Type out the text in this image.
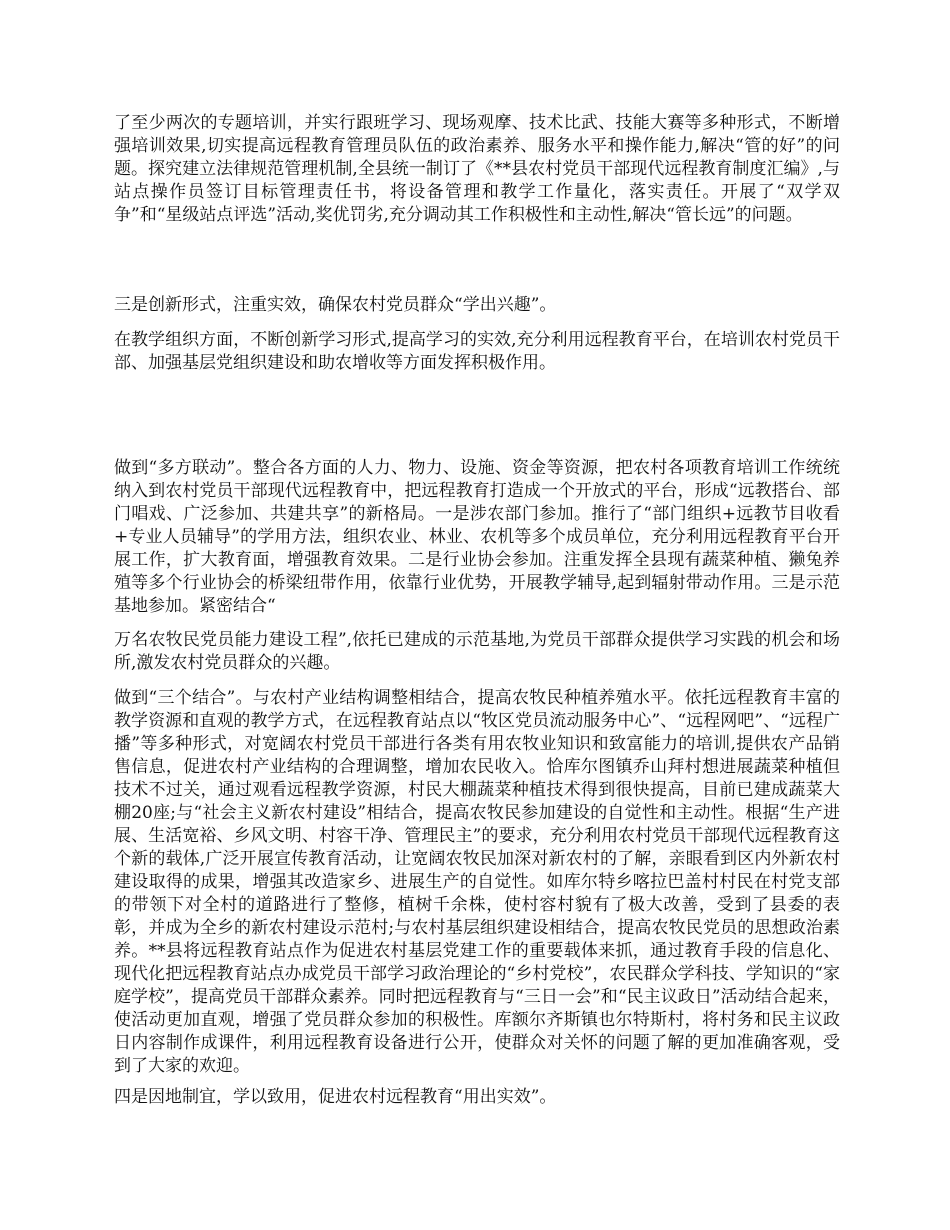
了至少两次的专题培训，并实行跟班学习、现场观摩、技术比武、技能大赛等多种形式，不断增强培训效果,切实提高远程教育管理员队伍的政治素养、服务水平和操作能力,解决“管的好”的问题。探究建立法律规范管理机制,全县统一制订了《**县农村党员干部现代远程教育制度汇编》,与站点操作员签订目标管理责任书，将设备管理和教学工作量化，落实责任。开展了“双学双争”和“星级站点评选”活动,奖优罚劣,充分调动其工作积极性和主动性,解决“管长远”的问题。

三是创新形式，注重实效，确保农村党员群众“学出兴趣”。

在教学组织方面，不断创新学习形式,提高学习的实效,充分利用远程教育平台，在培训农村党员干部、加强基层党组织建设和助农增收等方面发挥积极作用。

做到“多方联动”。整合各方面的人力、物力、设施、资金等资源，把农村各项教育培训工作统统纳入到农村党员干部现代远程教育中，把远程教育打造成一个开放式的平台，形成“远教搭台、部门唱戏、广泛参加、共建共享”的新格局。一是涉农部门参加。推行了“部门组织+远教节目收看+专业人员辅导”的学用方法，组织农业、林业、农机等多个成员单位，充分利用远程教育平台开展工作，扩大教育面，增强教育效果。二是行业协会参加。注重发挥全县现有蔬菜种植、獭兔养殖等多个行业协会的桥梁纽带作用，依靠行业优势，开展教学辅导,起到辐射带动作用。三是示范基地参加。紧密结合“

万名农牧民党员能力建设工程”,依托已建成的示范基地,为党员干部群众提供学习实践的机会和场所,激发农村党员群众的兴趣。

做到“三个结合”。与农村产业结构调整相结合，提高农牧民种植养殖水平。依托远程教育丰富的教学资源和直观的教学方式，在远程教育站点以“牧区党员流动服务中心”、“远程网吧”、“远程广播”等多种形式，对宽阔农村党员干部进行各类有用农牧业知识和致富能力的培训,提供农产品销售信息，促进农村产业结构的合理调整，增加农民收入。恰库尔图镇乔山拜村想进展蔬菜种植但技术不过关，通过观看远程教学资源，村民大棚蔬菜种植技术得到很快提高，目前已建成蔬菜大棚20座;与“社会主义新农村建设”相结合，提高农牧民参加建设的自觉性和主动性。根据“生产进展、生活宽裕、乡风文明、村容干净、管理民主”的要求，充分利用农村党员干部现代远程教育这个新的载体,广泛开展宣传教育活动，让宽阔农牧民加深对新农村的了解，亲眼看到区内外新农村建设取得的成果，增强其改造家乡、进展生产的自觉性。如库尔特乡喀拉巴盖村村民在村党支部的带领下对全村的道路进行了整修，植树千余株，使村容村貌有了极大改善，受到了县委的表彰，并成为全乡的新农村建设示范村;与农村基层组织建设相结合，提高农牧民党员的思想政治素养。**县将远程教育站点作为促进农村基层党建工作的重要载体来抓，通过教育手段的信息化、现代化把远程教育站点办成党员干部学习政治理论的“乡村党校”，农民群众学科技、学知识的“家庭学校”，提高党员干部群众素养。同时把远程教育与“三日一会”和“民主议政日”活动结合起来，使活动更加直观，增强了党员群众参加的积极性。库额尔齐斯镇也尔特斯村，将村务和民主议政日内容制作成课件，利用远程教育设备进行公开，使群众对关怀的问题了解的更加准确客观，受到了大家的欢迎。

四是因地制宜，学以致用，促进农村远程教育“用出实效”。
